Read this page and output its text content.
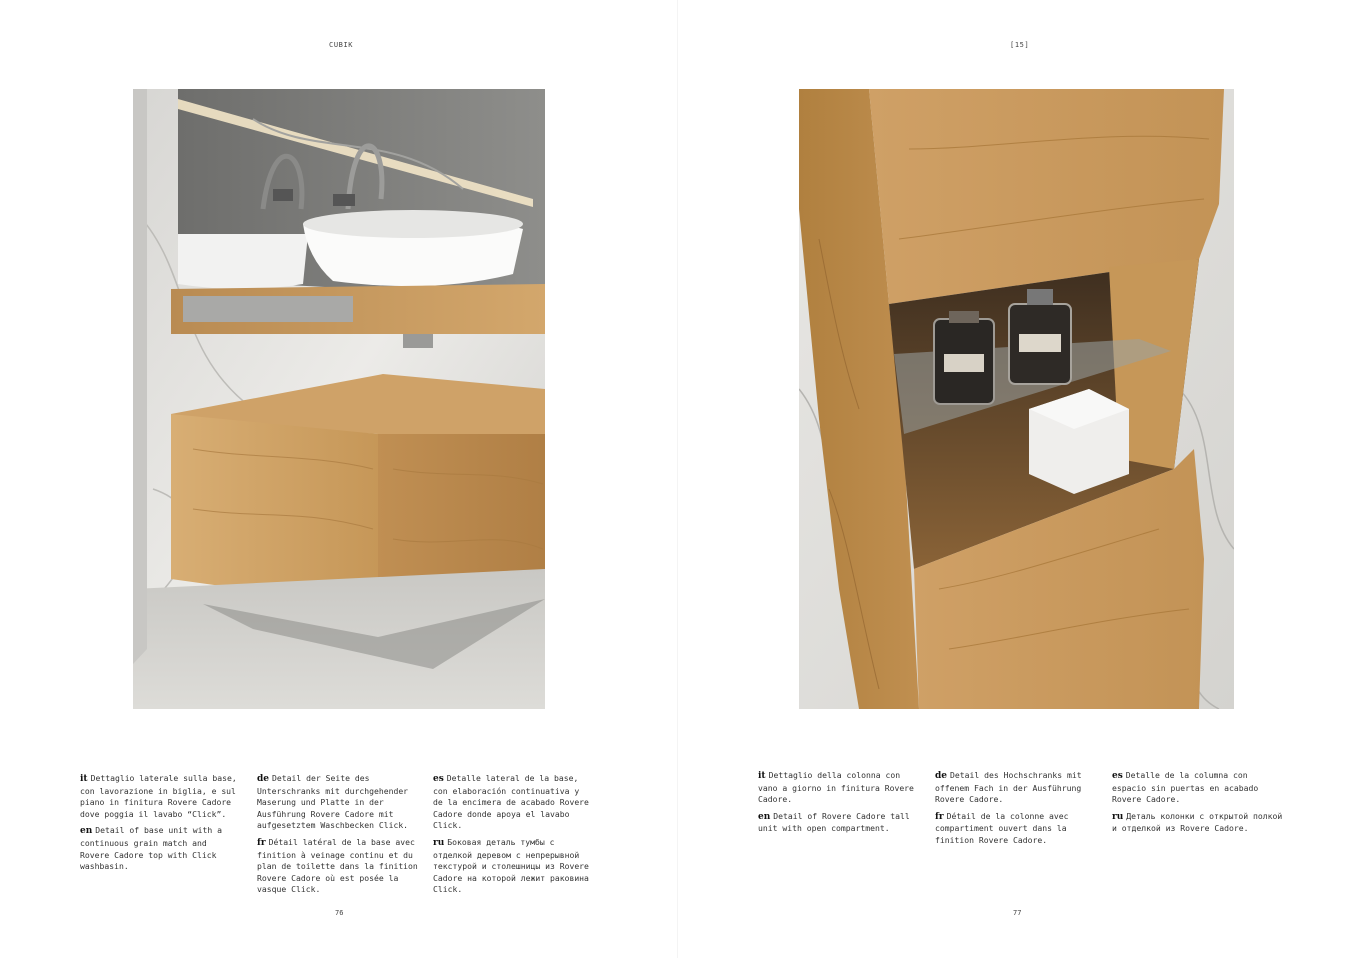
CUBIK

it Dettaglio laterale sulla base, con lavorazione in biglia, e sul piano in finitura Rovere Cadore dove poggia il lavabo “Click”.

en Detail of base unit with a continuous grain match and Rovere Cadore top with Click washbasin.

de Detail der Seite des Unterschranks mit durchgehender Maserung und Platte in der Ausführung Rovere Cadore mit aufgesetztem Waschbecken Click.

fr Détail latéral de la base avec finition à veinage continu et du plan de toilette dans la finition Rovere Cadore où est posée la vasque Click.

es Detalle lateral de la base, con elaboración continuativa y de la encimera de acabado Rovere Cadore donde apoya el lavabo Click.

ru Боковая деталь тумбы с отделкой деревом с непрерывной текстурой и столешницы из Rovere Cadore на которой лежит раковина Click.

76
[15]

it Dettaglio della colonna con vano a giorno in finitura Rovere Cadore.

en Detail of Rovere Cadore tall unit with open compartment.

de Detail des Hochschranks mit offenem Fach in der Ausführung Rovere Cadore.

fr Détail de la colonne avec compartiment ouvert dans la finition Rovere Cadore.

es Detalle de la columna con espacio sin puertas en acabado Rovere Cadore.

ru Деталь колонки с открытой полкой и отделкой из Rovere Cadore.

77
